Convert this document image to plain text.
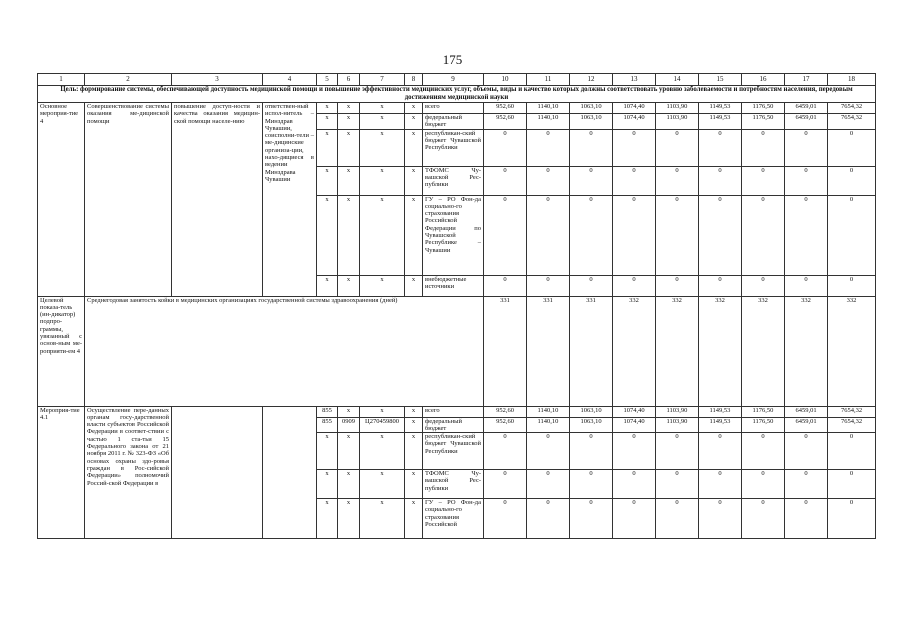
175
1	2	3	4	5	6	7	8	9	10	11	12	13	14	15	16	17	18
Цель: формирование системы, обеспечивающей доступность медицинской помощи и повышение эффективности медицинских услуг, объемы, виды и качество которых должны соответствовать уровню заболеваемости и потребностям населения, передовым достижениям медицинской науки																	
Основное мероприя-тие 4	Совершенствование системы оказания ме-дицинской помощи	повышение доступ-ности и качества оказания медицин-ской помощи населе-нию	ответствен-ный испол-нитель – Минздрав Чувашии, соисполни-тели – ме-дицинские организа-ции, нахо-дящиеся в ведении Минздрава Чувашии	х	х	х	х	всего	952,60	1140,10	1063,10	1074,40	1103,90	1149,53	1176,50	6459,01	7654,32
				х	х	х	х	федеральный бюджет	952,60	1140,10	1063,10	1074,40	1103,90	1149,53	1176,50	6459,01	7654,32
				х	х	х	х	республикан-ский бюджет Чувашской Республики	0	0	0	0	0	0	0	0	0
				х	х	х	х	ТФОМС Чу-вашской Рес-публики	0	0	0	0	0	0	0	0	0
				х	х	х	х	ГУ – РО Фон-да социально-го страхования Российской Федерации по Чувашской Республике – Чувашии	0	0	0	0	0	0	0	0	0
				х	х	х	х	внебюджетные источники	0	0	0	0	0	0	0	0	0
Целевой показа-тель (ин-дикатор) подпро-граммы, увязанный с основ-ным ме-роприяти-ем 4	Среднегодовая занятость койки в медицинских организациях государственной системы здравоохранения (дней)								331	331	331	332	332	332	332	332	332
Мероприя-тие 4.1	Осуществление пере-данных органам госу-дарственной власти субъектов Российской Федерации в соответ-ствии с частью 1 ста-тьи 15 Федерального закона от 21 ноября 2011 г. № 323-ФЗ «Об основах охраны здо-ровья граждан в Рос-сийской Федерации» полномочий Россий-ской Федерации в			855	х	х	х	всего	952,60	1140,10	1063,10	1074,40	1103,90	1149,53	1176,50	6459,01	7654,32
				855	0909	Ц270459800	х	федеральный бюджет	952,60	1140,10	1063,10	1074,40	1103,90	1149,53	1176,50	6459,01	7654,32
				х	х	х	х	республикан-ский бюджет Чувашской Республики	0	0	0	0	0	0	0	0	0
				х	х	х	х	ТФОМС Чу-вашской Рес-публики	0	0	0	0	0	0	0	0	0
				х	х	х	х	ГУ – РО Фон-да социально-го страхования Российской	0	0	0	0	0	0	0	0	0
